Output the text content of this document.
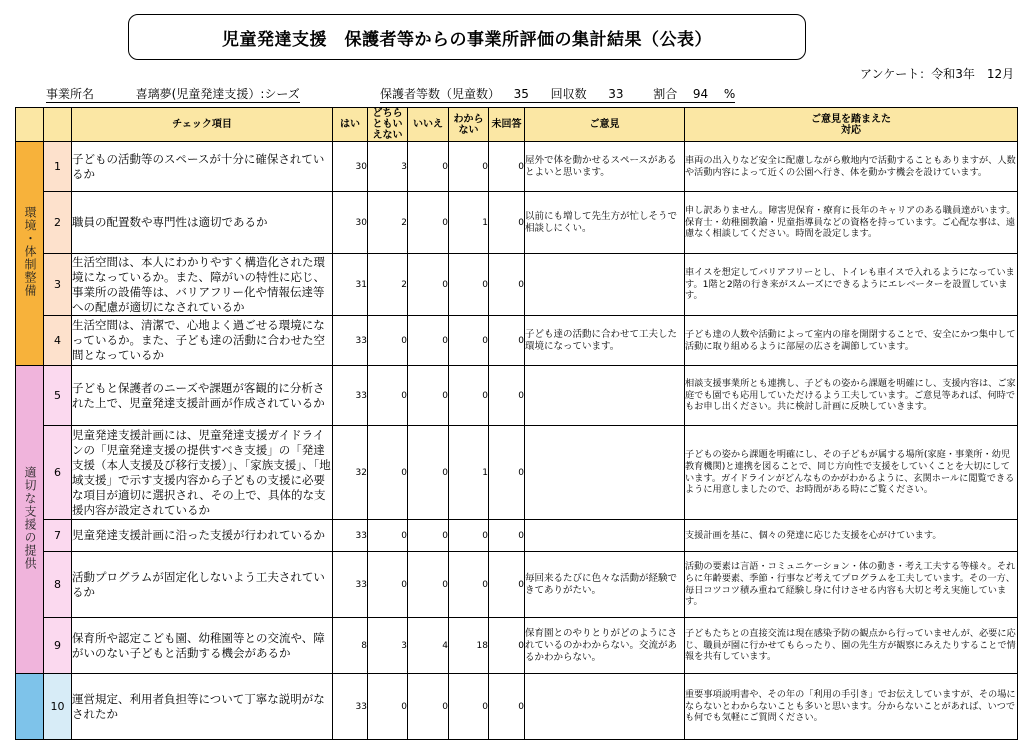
児童発達支援　保護者等からの事業所評価の集計結果（公表）
アンケート：令和3年　12月
事業所名	喜璃夢(児童発達支援）:シーズ	保護者等数（児童数） 35 回収数 33 割合 94 %
		チェック項目	はい	どちらともいえない	いいえ	わからない	未回答	ご意見	ご意見を踏まえた
対応

環境・体制整備	1	子どもの活動等のスペースが十分に確保されているか	30	3	0	0	0	屋外で体を動かせるスペースがあるとよいと思います。	車両の出入りなど安全に配慮しながら敷地内で活動することもありますが、人数や活動内容によって近くの公園へ行き、体を動かす機会を設けています。
	2	職員の配置数や専門性は適切であるか	30	2	0	1	0	以前にも増して先生方が忙しそうで相談しにくい。	申し訳ありません。障害児保育・療育に長年のキャリアのある職員達がいます。保育士・幼稚園教諭・児童指導員などの資格を持っています。ご心配な事は、遠慮なく相談してください。時間を設定します。
	3	生活空間は、本人にわかりやすく構造化された環境になっているか。また、障がいの特性に応じ、事業所の設備等は、バリアフリー化や情報伝達等への配慮が適切になされているか	31	2	0	0	0		車イスを想定してバリアフリーとし、トイレも車イスで入れるようになっています。1階と2階の行き来がスムーズにできるようにエレベーターを設置しています。
	4	生活空間は、清潔で、心地よく過ごせる環境になっているか。また、子ども達の活動に合わせた空間となっているか	33	0	0	0	0	子ども達の活動に合わせて工夫した環境になっています。	子ども達の人数や活動によって室内の扉を開閉することで、安全にかつ集中して活動に取り組めるように部屋の広さを調節しています。
適切な支援の提供	5	子どもと保護者のニーズや課題が客観的に分析された上で、児童発達支援計画が作成されているか	33	0	0	0	0		相談支援事業所とも連携し、子どもの姿から課題を明確にし、支援内容は、ご家庭でも園でも応用していただけるよう工夫しています。ご意見等あれば、何時でもお申し出ください。共に検討し計画に反映していきます。
	6	児童発達支援計画には、児童発達支援ガイドラインの「児童発達支援の提供すべき支援」の「発達支援（本人支援及び移行支援）」、「家族支援」、「地域支援」で示す支援内容から子どもの支援に必要な項目が適切に選択され、その上で、具体的な支援内容が設定されているか	32	0	0	1	0		子どもの姿から課題を明確にし、その子どもが属する場所(家庭・事業所・幼児教育機関)と連携を図ることで、同じ方向性で支援をしていくことを大切にしています。ガイドラインがどんなものかがわかるように、玄関ホールに閲覧できるように用意しましたので、お時間がある時にご覧ください。
	7	児童発達支援計画に沿った支援が行われているか	33	0	0	0	0		支援計画を基に、個々の発達に応じた支援を心がけています。
	8	活動プログラムが固定化しないよう工夫されているか	33	0	0	0	0	毎回来るたびに色々な活動が経験できてありがたい。	活動の要素は言語・コミュニケーション・体の動き・考え工夫する等様々。それらに年齢要素、季節・行事など考えてプログラムを工夫しています。その一方、毎日コツコツ積み重ねて経験し身に付けさせる内容も大切と考え実施しています。
	9	保育所や認定こども園、幼稚園等との交流や、障がいのない子どもと活動する機会があるか	8	3	4	18	0	保育園とのやりとりがどのようにされているのかわからない。交流があるかわからない。	子どもたちとの直接交流は現在感染予防の観点から行っていませんが、必要に応じ、職員が園に行かせてもらったり、園の先生方が観察にみえたりすることで情報を共有しています。
	10	運営規定、利用者負担等について丁寧な説明がなされたか	33	0	0	0	0		重要事項説明書や、その年の「利用の手引き」でお伝えしていますが、その場にならないとわからないことも多いと思います。分からないことがあれば、いつでも何でも気軽にご質問ください。
